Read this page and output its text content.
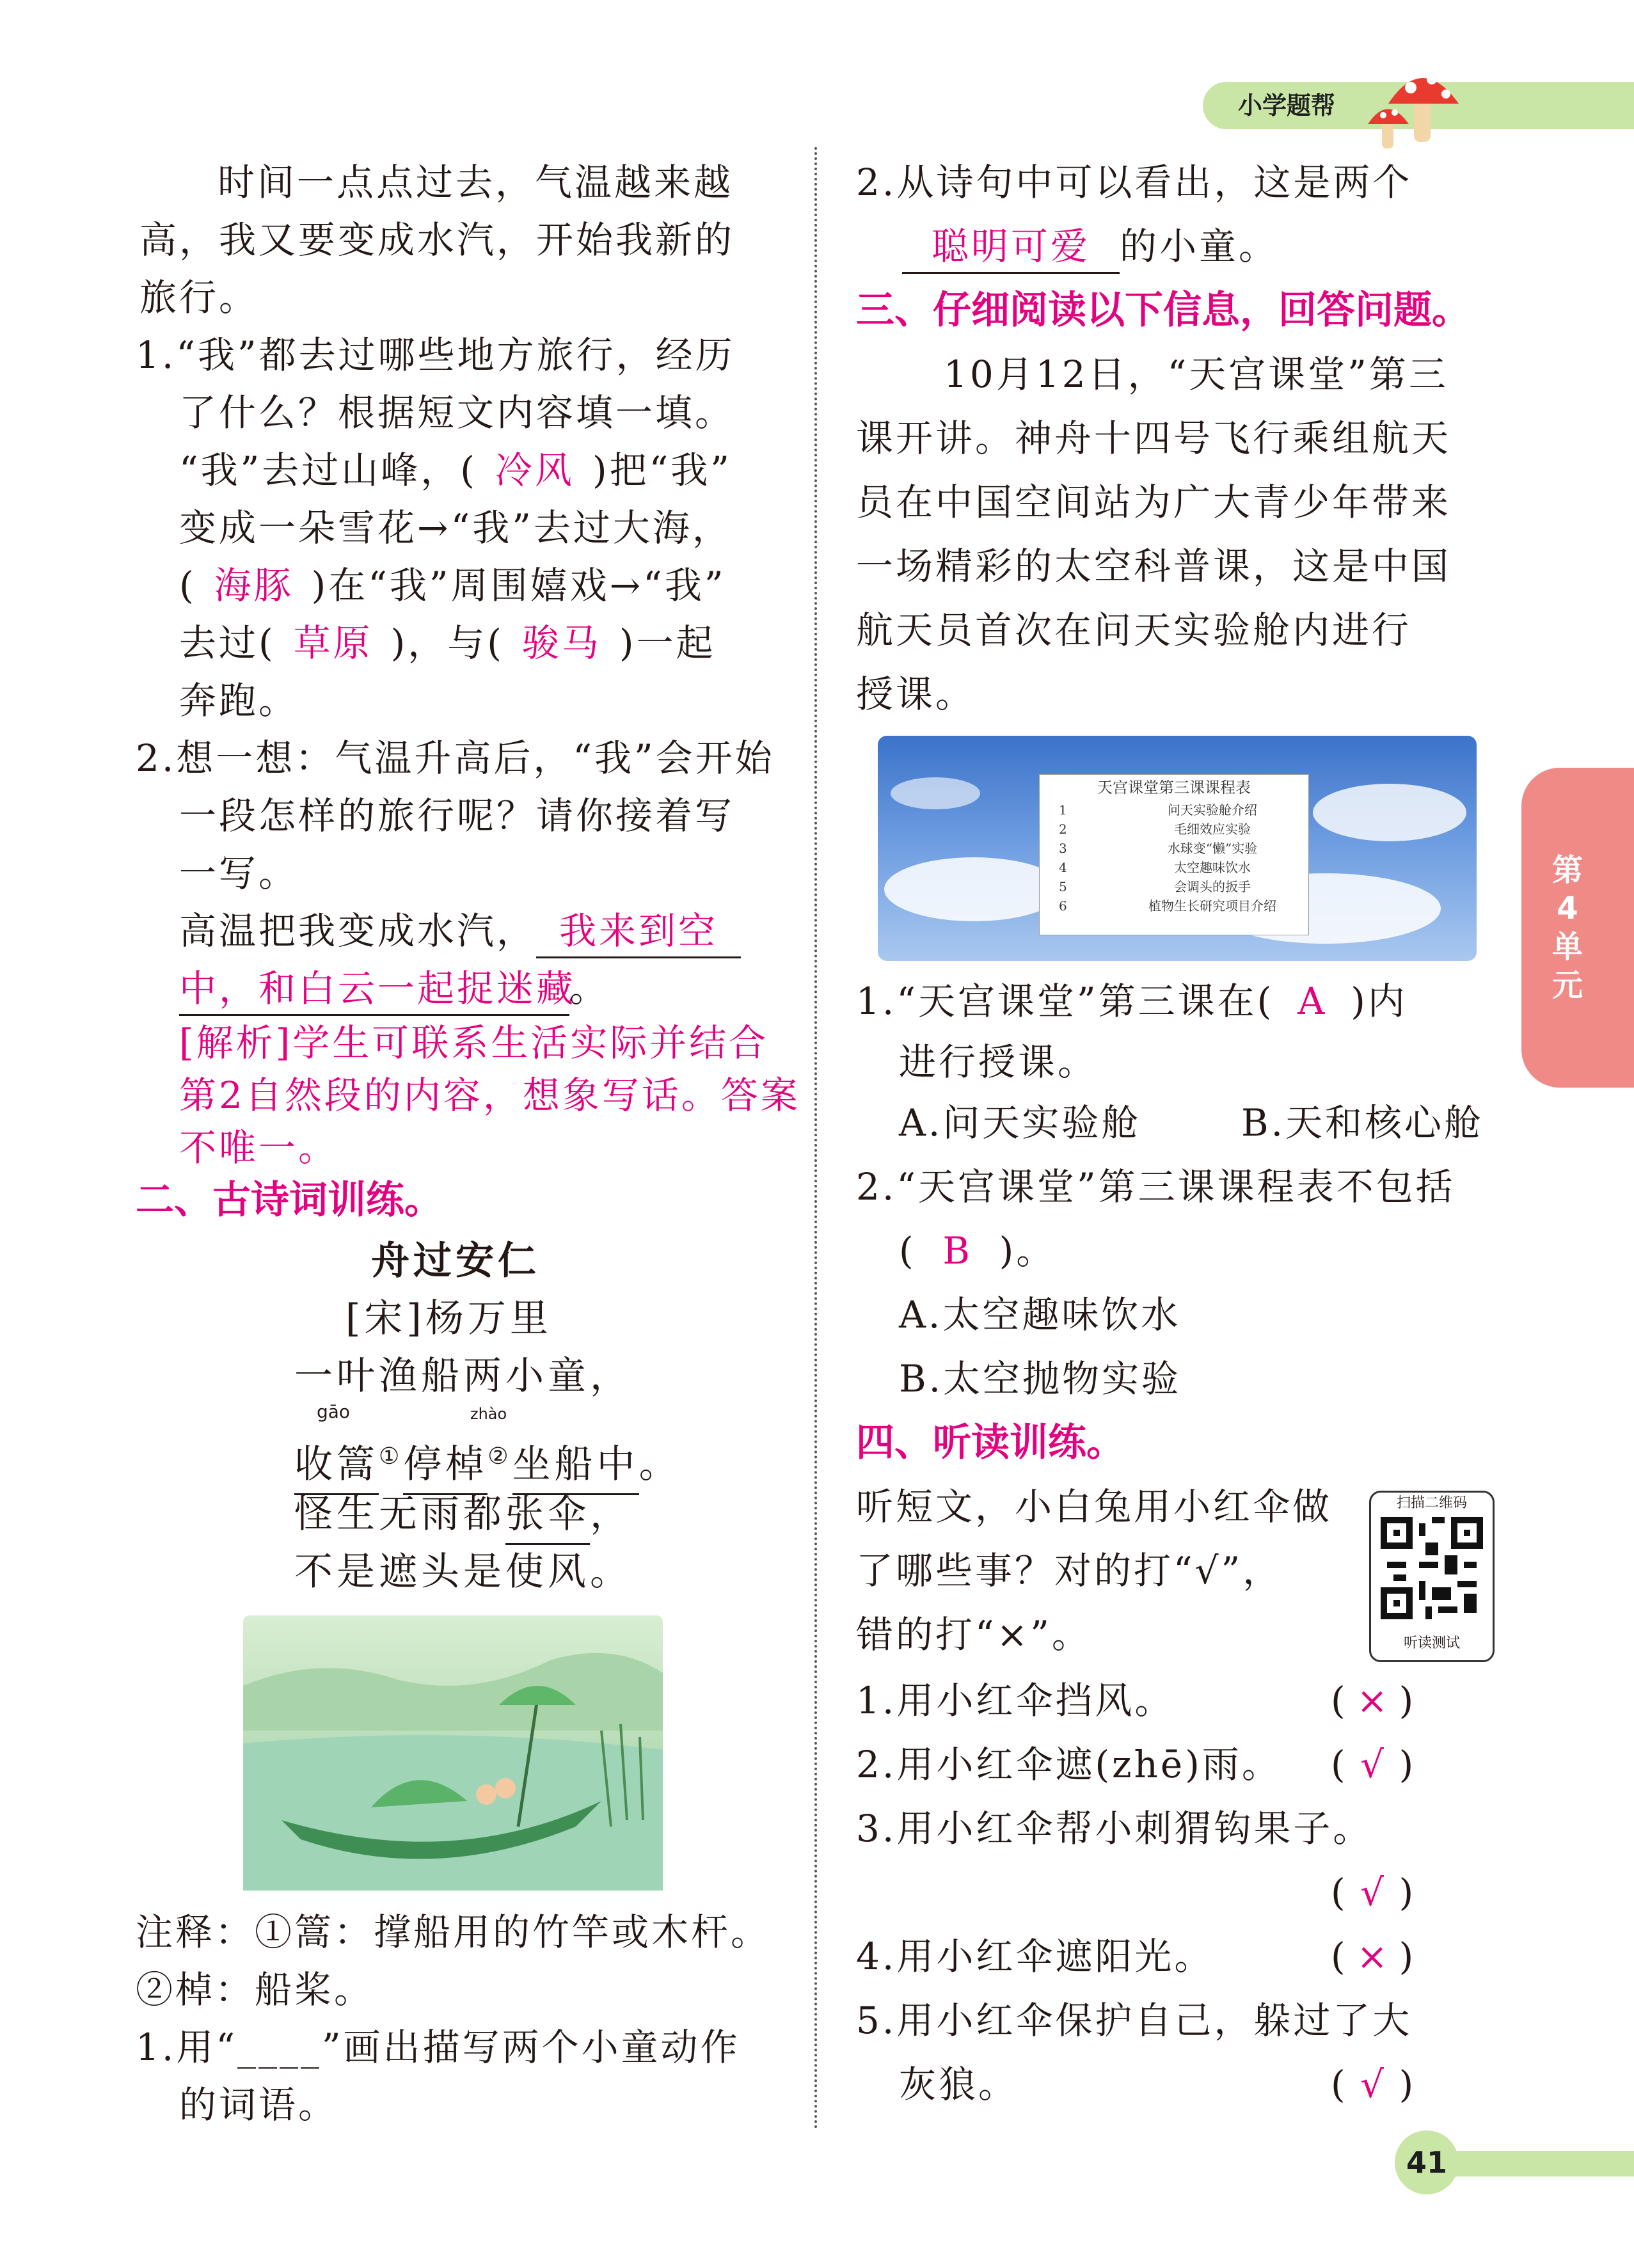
小学题帮
第4单元
时间一点点过去，气温越来越
高，我又要变成水汽，开始我新的
旅行。
1.“我”都去过哪些地方旅行，经历
了什么？根据短文内容填一填。
“我”去过山峰，( 冷风 )把“我”
变成一朵雪花→“我”去过大海，
( 海豚 )在“我”周围嬉戏→“我”
去过( 草原 )，与( 骏马 )一起
奔跑。
2.想一想：气温升高后，“我”会开始
一段怎样的旅行呢？请你接着写
一写。
高温把我变成水汽， 我来到空
中，和白云一起捉迷藏。
[解析]学生可联系生活实际并结合
第2自然段的内容，想象写话。答案
不唯一。
二、古诗词训练。
舟过安仁
[宋]杨万里
一叶渔船两小童，
gāo	zhào
收篙①停棹②坐船中。
怪生无雨都张伞，
不是遮头是使风。
注释：①篙：撑船用的竹竿或木杆。
②棹：船桨。
1.用“____”画出描写两个小童动作
的词语。
2.从诗句中可以看出，这是两个
聪明可爱 的小童。
三、仔细阅读以下信息，回答问题。
10月12日，“天宫课堂”第三
课开讲。神舟十四号飞行乘组航天
员在中国空间站为广大青少年带来
一场精彩的太空科普课，这是中国
航天员首次在问天实验舱内进行
授课。
天宫课堂第三课课程表
1	问天实验舱介绍
2	毛细效应实验
3	水球变“懒”实验
4	太空趣味饮水
5	会调头的扳手
6	植物生长研究项目介绍
1.“天宫课堂”第三课在( A )内
进行授课。
A.问天实验舱	B.天和核心舱
2.“天宫课堂”第三课课程表不包括
( B )。
A.太空趣味饮水
B.太空抛物实验
四、听读训练。
听短文，小白兔用小红伞做
了哪些事？对的打“√”，
错的打“×”。
扫描二维码
听读测试
1.用小红伞挡风。	( × )
2.用小红伞遮(zhē)雨。 ( √ )
3.用小红伞帮小刺猬钩果子。
( √ )
4.用小红伞遮阳光。	( × )
5.用小红伞保护自己，躲过了大
灰狼。	( √ )
41
